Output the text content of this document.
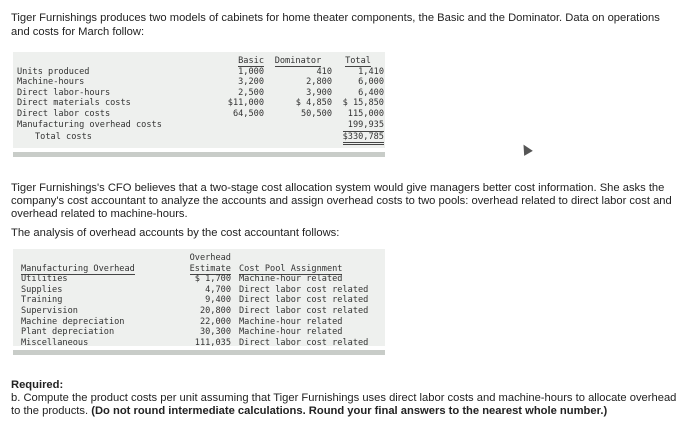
Tiger Furnishings produces two models of cabinets for home theater components, the Basic and the Dominator. Data on operations

and costs for March follow:

	Basic	Dominator	Total
Units produced	1,000	410	1,410
Machine-hours	3,200	2,800	6,000
Direct labor-hours	2,500	3,900	6,400
Direct materials costs	$11,000	$ 4,850	$ 15,850
Direct labor costs	64,500	50,500	115,000
Manufacturing overhead costs			199,935
Total costs			$330,785

Tiger Furnishings's CFO believes that a two-stage cost allocation system would give managers better cost information. She asks the

company's cost accountant to analyze the accounts and assign overhead costs to two pools: overhead related to direct labor cost and

overhead related to machine-hours.

The analysis of overhead accounts by the cost accountant follows:

	Overhead		
Manufacturing Overhead	Estimate		Cost Pool Assignment
Utilities	$ 1,700		Machine-hour related
Supplies	4,700		Direct labor cost related
Training	9,400		Direct labor cost related
Supervision	20,800		Direct labor cost related
Machine depreciation	22,000		Machine-hour related
Plant depreciation	30,300		Machine-hour related
Miscellaneous	111,035		Direct labor cost related

Required:

b. Compute the product costs per unit assuming that Tiger Furnishings uses direct labor costs and machine-hours to allocate overhead

to the products. (Do not round intermediate calculations. Round your final answers to the nearest whole number.)
